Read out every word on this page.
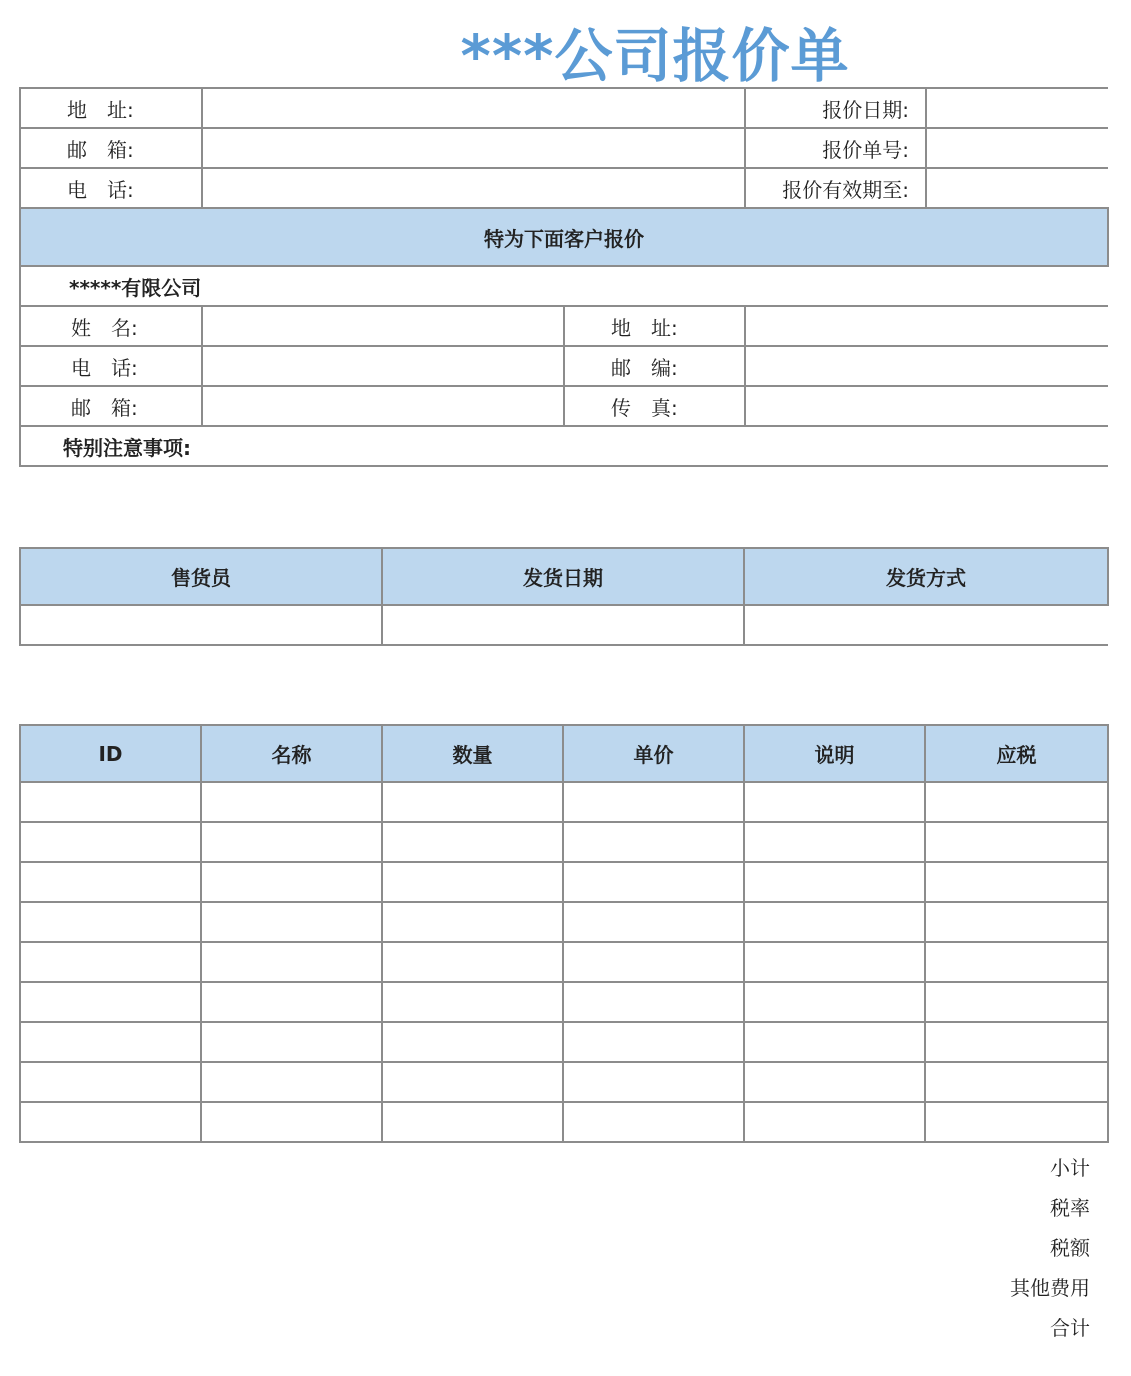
***公司报价单
地　址:		报价日期:	
邮　箱:		报价单号:	
电　话:		报价有效期至:	
特为下面客户报价			
*****有限公司			
姓　名:		地　址:	
电　话:		邮　编:	
邮　箱:		传　真:	
特别注意事项:			
售货员	发货日期	发货方式

ID	名称	数量	单价	说明	应税

小计
税率
税额
其他费用
合计
